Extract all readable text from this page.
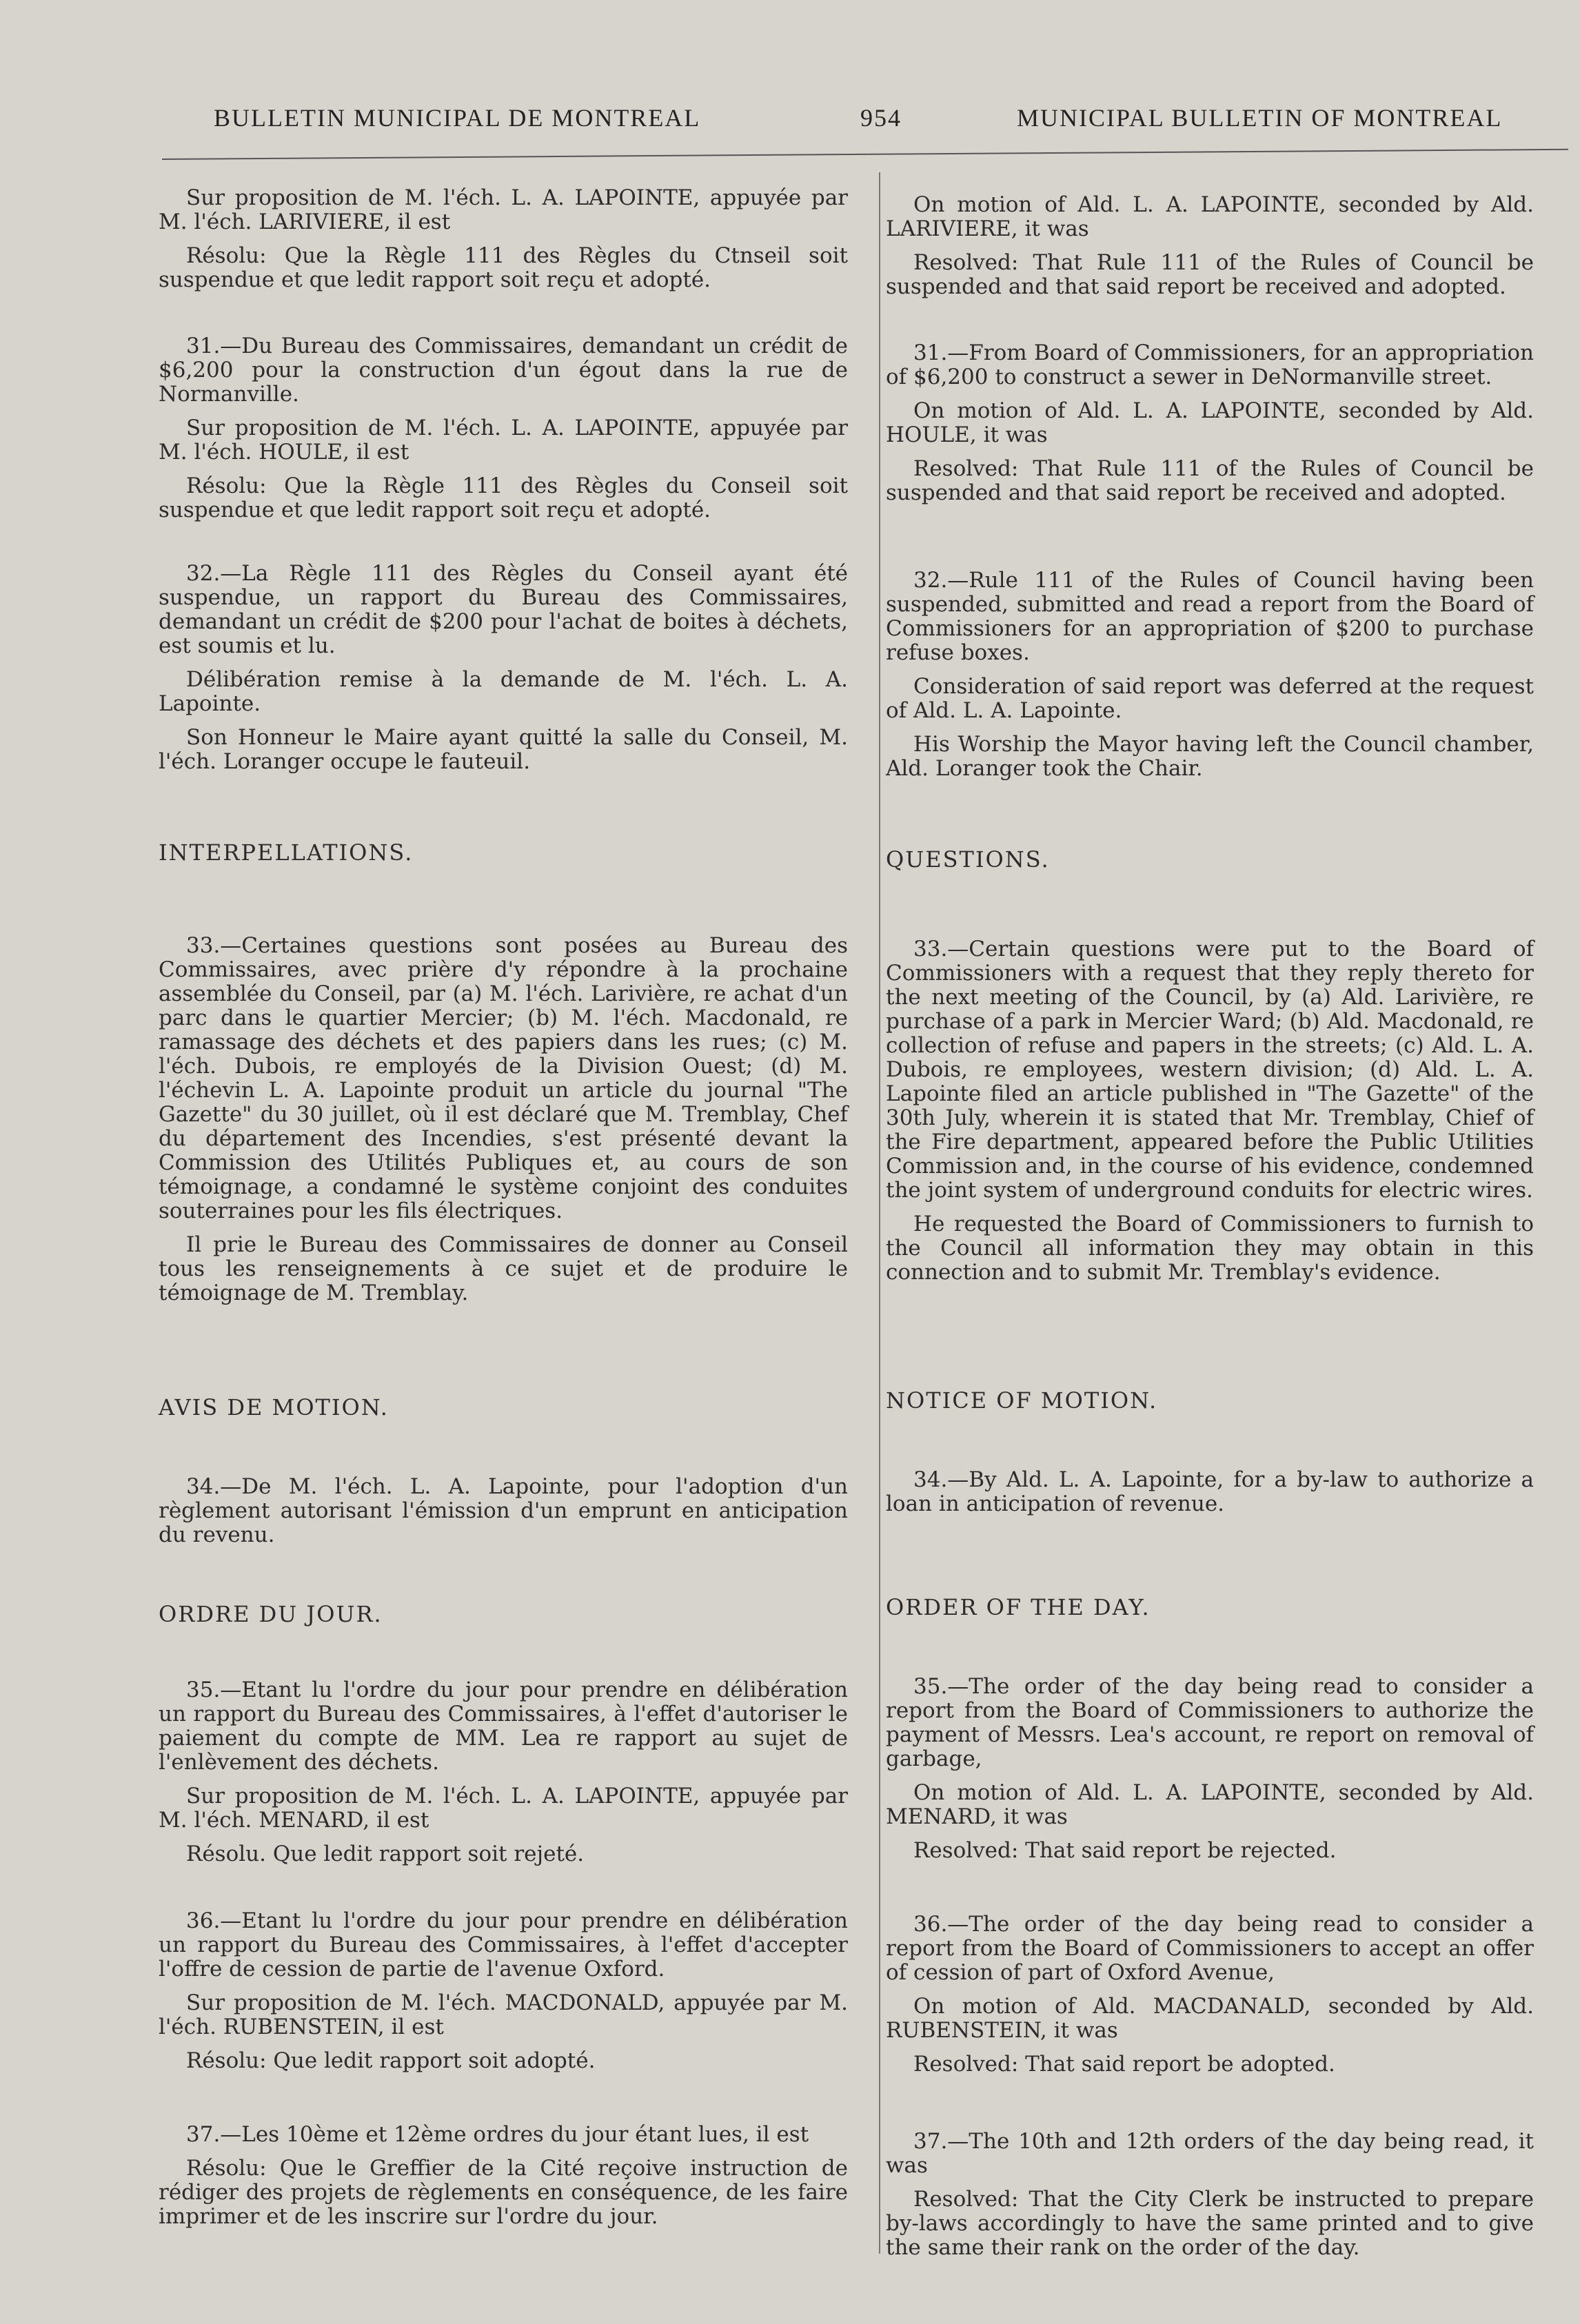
BULLETIN MUNICIPAL DE MONTREAL	954	MUNICIPAL BULLETIN OF MONTREAL

Sur proposition de M. l'éch. L. A. LAPOINTE, appuyée par M. l'éch. LARIVIERE, il est

Résolu: Que la Règle 111 des Règles du Ctnseil soit suspendue et que ledit rapport soit reçu et adopté.

31.—Du Bureau des Commissaires, demandant un crédit de $6,200 pour la construction d'un égout dans la rue de Normanville.

Sur proposition de M. l'éch. L. A. LAPOINTE, appuyée par M. l'éch. HOULE, il est

Résolu: Que la Règle 111 des Règles du Conseil soit suspendue et que ledit rapport soit reçu et adopté.

32.—La Règle 111 des Règles du Conseil ayant été suspendue, un rapport du Bureau des Commissaires, demandant un crédit de $200 pour l'achat de boites à déchets, est soumis et lu.

Délibération remise à la demande de M. l'éch. L. A. Lapointe.

Son Honneur le Maire ayant quitté la salle du Conseil, M. l'éch. Loranger occupe le fauteuil.

INTERPELLATIONS.

33.—Certaines questions sont posées au Bureau des Commissaires, avec prière d'y répondre à la prochaine assemblée du Conseil, par (a) M. l'éch. Larivière, re achat d'un parc dans le quartier Mercier; (b) M. l'éch. Macdonald, re ramassage des déchets et des papiers dans les rues; (c) M. l'éch. Dubois, re employés de la Division Ouest; (d) M. l'échevin L. A. Lapointe produit un article du journal "The Gazette" du 30 juillet, où il est déclaré que M. Tremblay, Chef du département des Incendies, s'est présenté devant la Commission des Utilités Publiques et, au cours de son témoignage, a condamné le système conjoint des conduites souterraines pour les fils électriques.

Il prie le Bureau des Commissaires de donner au Conseil tous les renseignements à ce sujet et de produire le témoignage de M. Tremblay.

AVIS DE MOTION.

34.—De M. l'éch. L. A. Lapointe, pour l'adoption d'un règlement autorisant l'émission d'un emprunt en anticipation du revenu.

ORDRE DU JOUR.

35.—Etant lu l'ordre du jour pour prendre en délibération un rapport du Bureau des Commissaires, à l'effet d'autoriser le paiement du compte de MM. Lea re rapport au sujet de l'enlèvement des déchets.

Sur proposition de M. l'éch. L. A. LAPOINTE, appuyée par M. l'éch. MENARD, il est

Résolu. Que ledit rapport soit rejeté.

36.—Etant lu l'ordre du jour pour prendre en délibération un rapport du Bureau des Commissaires, à l'effet d'accepter l'offre de cession de partie de l'avenue Oxford.

Sur proposition de M. l'éch. MACDONALD, appuyée par M. l'éch. RUBENSTEIN, il est

Résolu: Que ledit rapport soit adopté.

37.—Les 10ème et 12ème ordres du jour étant lues, il est

Résolu: Que le Greffier de la Cité reçoive instruction de rédiger des projets de règlements en conséquence, de les faire imprimer et de les inscrire sur l'ordre du jour.

On motion of Ald. L. A. LAPOINTE, seconded by Ald. LARIVIERE, it was

Resolved: That Rule 111 of the Rules of Council be suspended and that said report be received and adopted.

31.—From Board of Commissioners, for an appropriation of $6,200 to construct a sewer in DeNormanville street.

On motion of Ald. L. A. LAPOINTE, seconded by Ald. HOULE, it was

Resolved: That Rule 111 of the Rules of Council be suspended and that said report be received and adopted.

32.—Rule 111 of the Rules of Council having been suspended, submitted and read a report from the Board of Commissioners for an appropriation of $200 to purchase refuse boxes.

Consideration of said report was deferred at the request of Ald. L. A. Lapointe.

His Worship the Mayor having left the Council chamber, Ald. Loranger took the Chair.

QUESTIONS.

33.—Certain questions were put to the Board of Commissioners with a request that they reply thereto for the next meeting of the Council, by (a) Ald. Larivière, re purchase of a park in Mercier Ward; (b) Ald. Macdonald, re collection of refuse and papers in the streets; (c) Ald. L. A. Dubois, re employees, western division; (d) Ald. L. A. Lapointe filed an article published in "The Gazette" of the 30th July, wherein it is stated that Mr. Tremblay, Chief of the Fire department, appeared before the Public Utilities Commission and, in the course of his evidence, condemned the joint system of underground conduits for electric wires.

He requested the Board of Commissioners to furnish to the Council all information they may obtain in this connection and to submit Mr. Tremblay's evidence.

NOTICE OF MOTION.

34.—By Ald. L. A. Lapointe, for a by-law to authorize a loan in anticipation of revenue.

ORDER OF THE DAY.

35.—The order of the day being read to consider a report from the Board of Commissioners to authorize the payment of Messrs. Lea's account, re report on removal of garbage,

On motion of Ald. L. A. LAPOINTE, seconded by Ald. MENARD, it was

Resolved: That said report be rejected.

36.—The order of the day being read to consider a report from the Board of Commissioners to accept an offer of cession of part of Oxford Avenue,

On motion of Ald. MACDANALD, seconded by Ald. RUBENSTEIN, it was

Resolved: That said report be adopted.

37.—The 10th and 12th orders of the day being read, it was

Resolved: That the City Clerk be instructed to prepare by-laws accordingly to have the same printed and to give the same their rank on the order of the day.
